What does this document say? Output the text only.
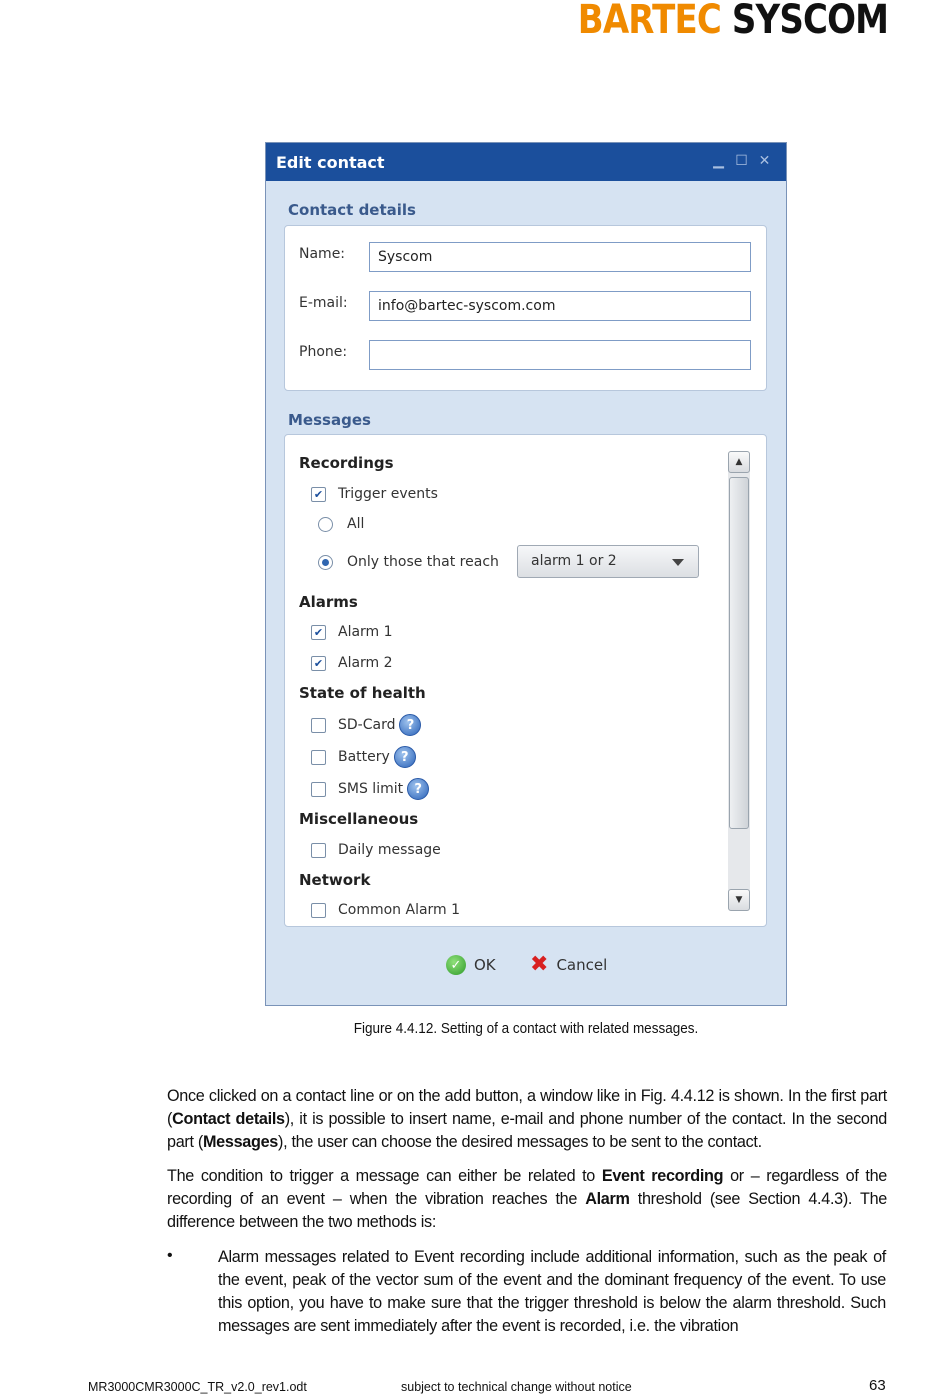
BARTEC SYSCOM
Edit contact	▁ ☐ ✕
Contact details
Name:	Syscom
E-mail:	info@bartec-syscom.com
Phone:
Messages
Recordings
✔ Trigger events
All
Only those that reach	alarm 1 or 2
Alarms
✔ Alarm 1
✔ Alarm 2
State of health
SD-Card ?
Battery ?
SMS limit ?
Miscellaneous
Daily message
Network
Common Alarm 1
▲
▼
✓ OK ✖ Cancel
Figure 4.4.12. Setting of a contact with related messages.
Once clicked on a contact line or on the add button, a window like in Fig. 4.4.12 is shown. In the first part (Contact details), it is possible to insert name, e-mail and phone number of the contact. In the second part (Messages), the user can choose the desired messages to be sent to the contact.
The condition to trigger a message can either be related to Event recording or – regardless of the recording of an event – when the vibration reaches the Alarm threshold (see Section 4.4.3). The difference between the two methods is:
•	Alarm messages related to Event recording include additional information, such as the peak of the event, peak of the vector sum of the event and the dominant frequency of the event. To use this option, you have to make sure that the trigger threshold is below the alarm threshold. Such messages are sent immediately after the event is recorded, i.e. the vibration
MR3000CMR3000C_TR_v2.0_rev1.odt	subject to technical change without notice	63
